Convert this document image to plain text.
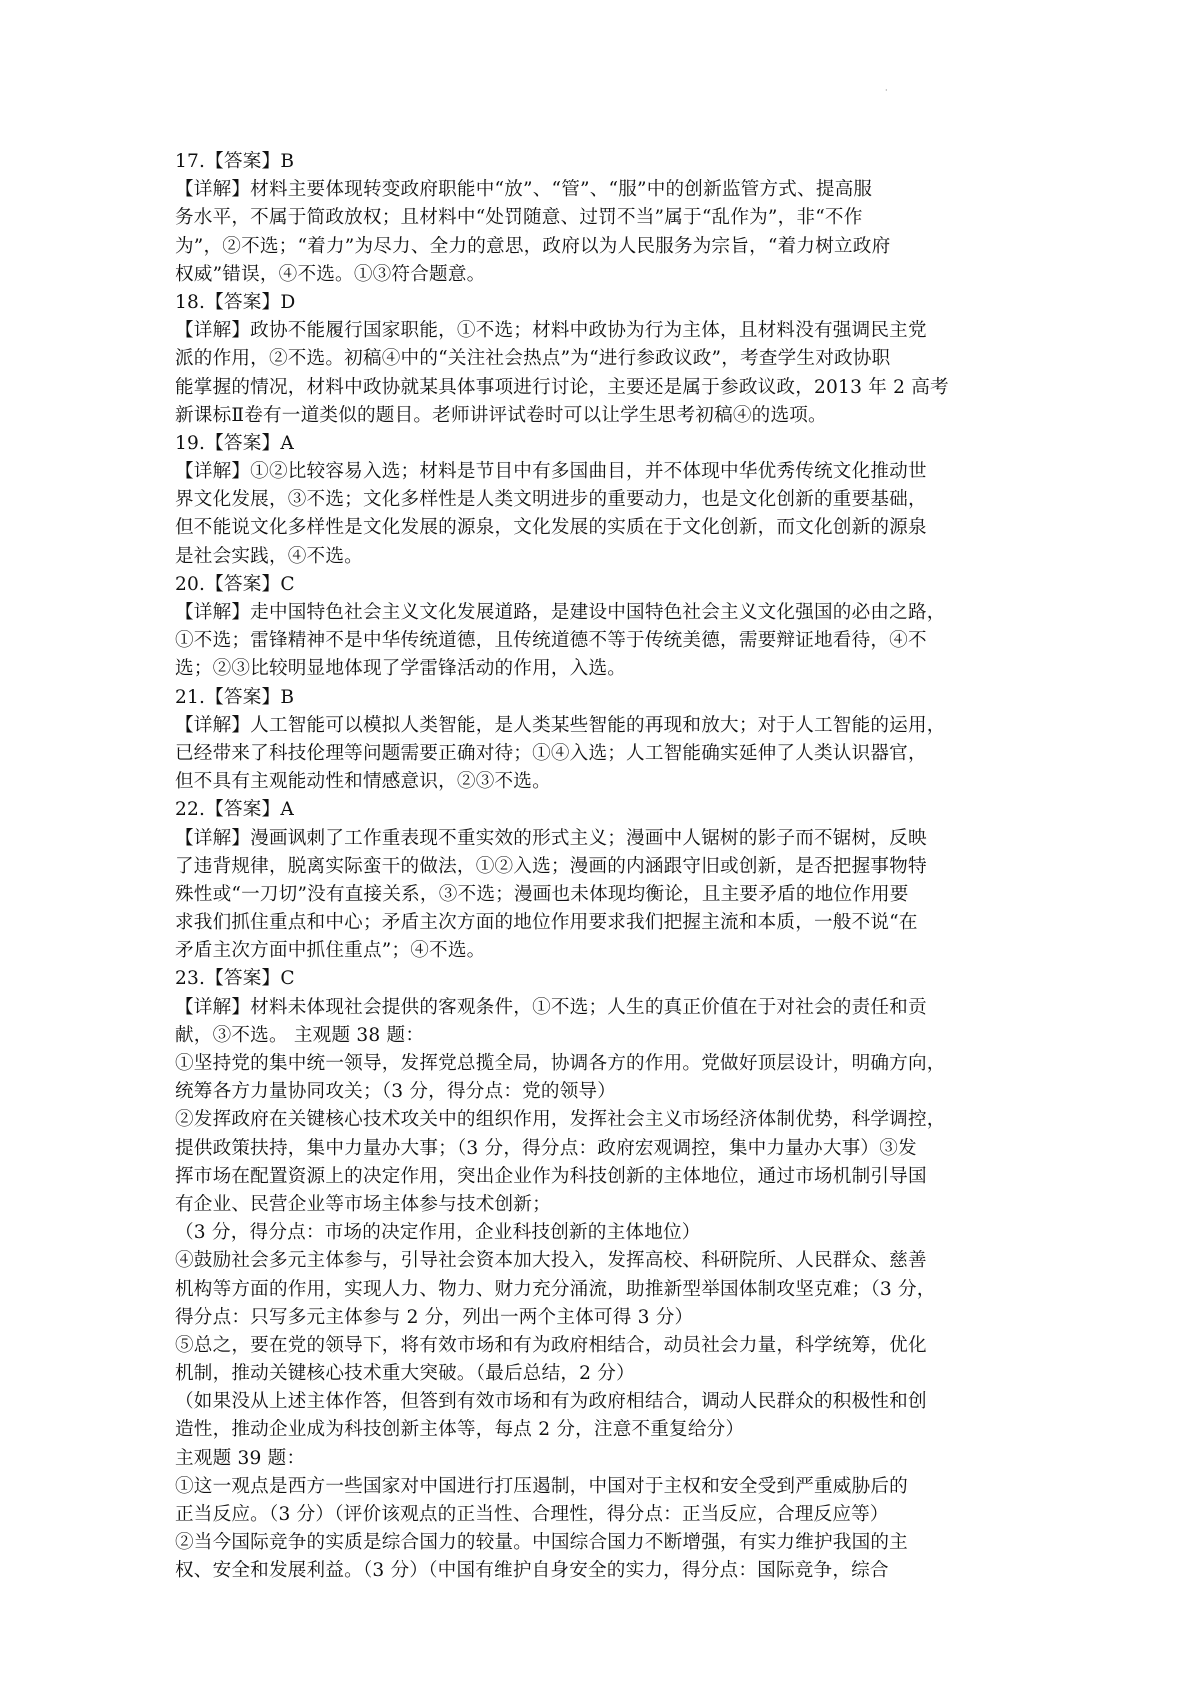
·
17.【答案】B
【详解】材料主要体现转变政府职能中“放”、“管”、“服”中的创新监管方式、提高服
务水平，不属于简政放权；且材料中“处罚随意、过罚不当”属于“乱作为”，非“不作
为”，②不选；“着力”为尽力、全力的意思，政府以为人民服务为宗旨，“着力树立政府
权威”错误，④不选。①③符合题意。
18.【答案】D
【详解】政协不能履行国家职能，①不选；材料中政协为行为主体，且材料没有强调民主党
派的作用，②不选。初稿④中的“关注社会热点”为“进行参政议政”，考查学生对政协职
能掌握的情况，材料中政协就某具体事项进行讨论，主要还是属于参政议政，2013 年 2 高考
新课标Ⅱ卷有一道类似的题目。老师讲评试卷时可以让学生思考初稿④的选项。
19.【答案】A
【详解】①②比较容易入选；材料是节目中有多国曲目，并不体现中华优秀传统文化推动世
界文化发展，③不选；文化多样性是人类文明进步的重要动力，也是文化创新的重要基础，
但不能说文化多样性是文化发展的源泉，文化发展的实质在于文化创新，而文化创新的源泉
是社会实践，④不选。
20.【答案】C
【详解】走中国特色社会主义文化发展道路，是建设中国特色社会主义文化强国的必由之路，
①不选；雷锋精神不是中华传统道德，且传统道德不等于传统美德，需要辩证地看待，④不
选；②③比较明显地体现了学雷锋活动的作用，入选。
21.【答案】B
【详解】人工智能可以模拟人类智能，是人类某些智能的再现和放大；对于人工智能的运用，
已经带来了科技伦理等问题需要正确对待；①④入选；人工智能确实延伸了人类认识器官，
但不具有主观能动性和情感意识，②③不选。
22.【答案】A
【详解】漫画讽刺了工作重表现不重实效的形式主义；漫画中人锯树的影子而不锯树，反映
了违背规律，脱离实际蛮干的做法，①②入选；漫画的内涵跟守旧或创新，是否把握事物特
殊性或“一刀切”没有直接关系，③不选；漫画也未体现均衡论，且主要矛盾的地位作用要
求我们抓住重点和中心；矛盾主次方面的地位作用要求我们把握主流和本质，一般不说“在
矛盾主次方面中抓住重点”；④不选。
23.【答案】C
【详解】材料未体现社会提供的客观条件，①不选；人生的真正价值在于对社会的责任和贡
献，③不选。 主观题 38 题：
①坚持党的集中统一领导，发挥党总揽全局，协调各方的作用。党做好顶层设计，明确方向，
统筹各方力量协同攻关；（3 分，得分点：党的领导）
②发挥政府在关键核心技术攻关中的组织作用，发挥社会主义市场经济体制优势，科学调控，
提供政策扶持，集中力量办大事；（3 分，得分点：政府宏观调控，集中力量办大事）③发
挥市场在配置资源上的决定作用，突出企业作为科技创新的主体地位，通过市场机制引导国
有企业、民营企业等市场主体参与技术创新；
（3 分，得分点：市场的决定作用，企业科技创新的主体地位）
④鼓励社会多元主体参与，引导社会资本加大投入，发挥高校、科研院所、人民群众、慈善
机构等方面的作用，实现人力、物力、财力充分涌流，助推新型举国体制攻坚克难；（3 分，
得分点：只写多元主体参与 2 分，列出一两个主体可得 3 分）
⑤总之，要在党的领导下，将有效市场和有为政府相结合，动员社会力量，科学统筹，优化
机制，推动关键核心技术重大突破。（最后总结，2 分）
（如果没从上述主体作答，但答到有效市场和有为政府相结合，调动人民群众的积极性和创
造性，推动企业成为科技创新主体等，每点 2 分，注意不重复给分）
主观题 39 题：
①这一观点是西方一些国家对中国进行打压遏制，中国对于主权和安全受到严重威胁后的
正当反应。（3 分）（评价该观点的正当性、合理性，得分点：正当反应，合理反应等）
②当今国际竞争的实质是综合国力的较量。中国综合国力不断增强，有实力维护我国的主
权、安全和发展利益。（3 分）（中国有维护自身安全的实力，得分点：国际竞争，综合
